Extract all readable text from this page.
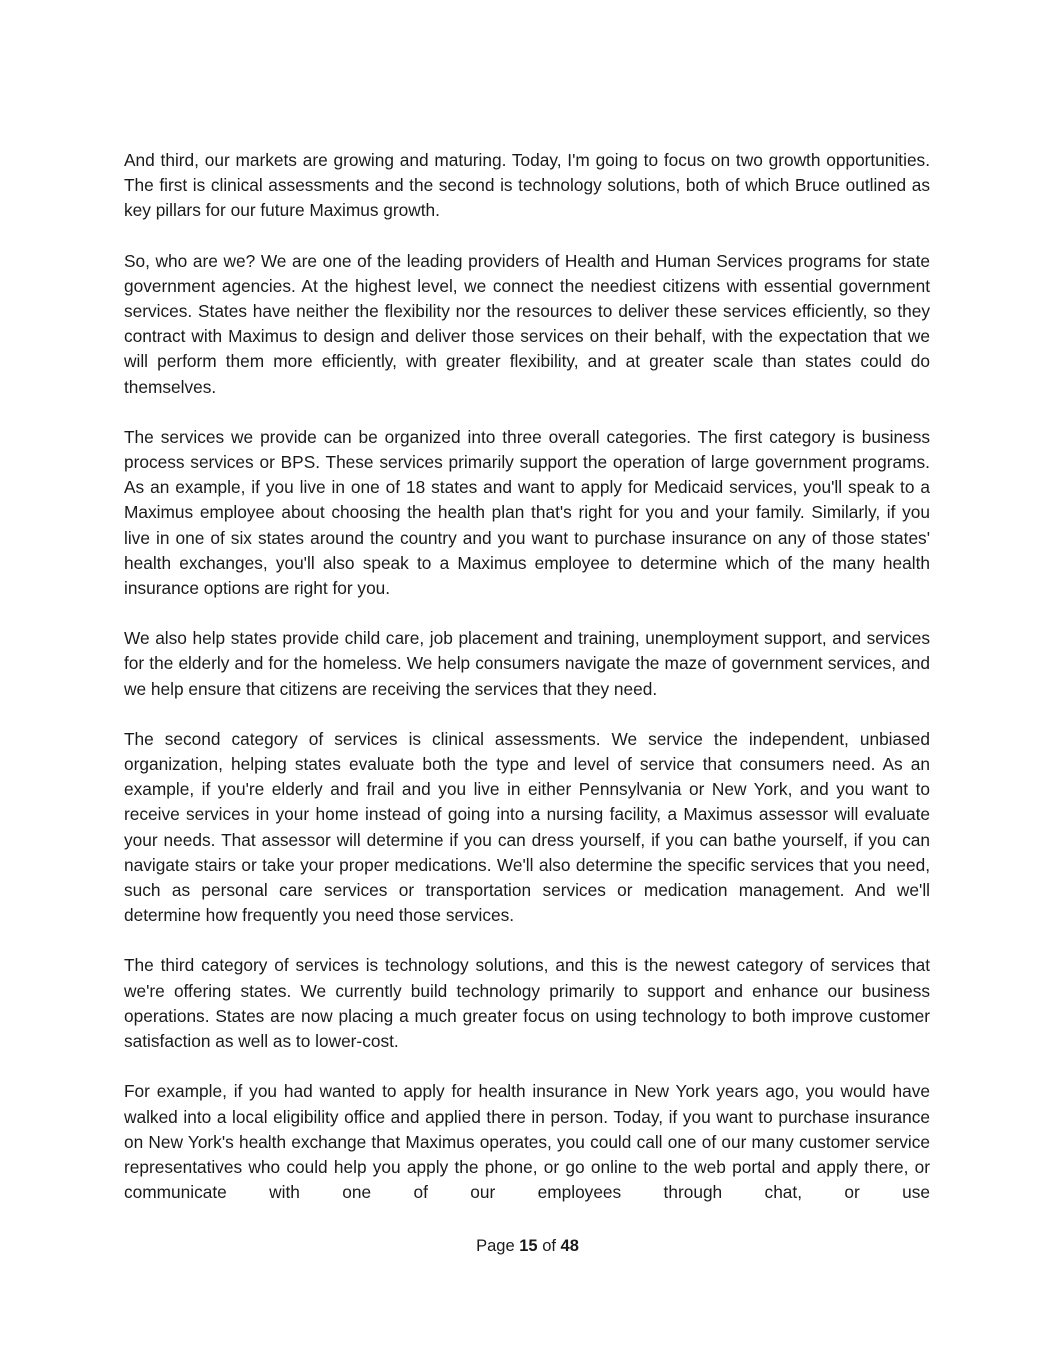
And third, our markets are growing and maturing. Today, I'm going to focus on two growth opportunities. The first is clinical assessments and the second is technology solutions, both of which Bruce outlined as key pillars for our future Maximus growth.

So, who are we? We are one of the leading providers of Health and Human Services programs for state government agencies. At the highest level, we connect the neediest citizens with essential government services. States have neither the flexibility nor the resources to deliver these services efficiently, so they contract with Maximus to design and deliver those services on their behalf, with the expectation that we will perform them more efficiently, with greater flexibility, and at greater scale than states could do themselves.

The services we provide can be organized into three overall categories. The first category is business process services or BPS. These services primarily support the operation of large government programs. As an example, if you live in one of 18 states and want to apply for Medicaid services, you'll speak to a Maximus employee about choosing the health plan that's right for you and your family. Similarly, if you live in one of six states around the country and you want to purchase insurance on any of those states' health exchanges, you'll also speak to a Maximus employee to determine which of the many health insurance options are right for you.

We also help states provide child care, job placement and training, unemployment support, and services for the elderly and for the homeless. We help consumers navigate the maze of government services, and we help ensure that citizens are receiving the services that they need.

The second category of services is clinical assessments. We service the independent, unbiased organization, helping states evaluate both the type and level of service that consumers need. As an example, if you're elderly and frail and you live in either Pennsylvania or New York, and you want to receive services in your home instead of going into a nursing facility, a Maximus assessor will evaluate your needs. That assessor will determine if you can dress yourself, if you can bathe yourself, if you can navigate stairs or take your proper medications. We'll also determine the specific services that you need, such as personal care services or transportation services or medication management. And we'll determine how frequently you need those services.

The third category of services is technology solutions, and this is the newest category of services that we're offering states. We currently build technology primarily to support and enhance our business operations. States are now placing a much greater focus on using technology to both improve customer satisfaction as well as to lower-cost.

For example, if you had wanted to apply for health insurance in New York years ago, you would have walked into a local eligibility office and applied there in person. Today, if you want to purchase insurance on New York's health exchange that Maximus operates, you could call one of our many customer service representatives who could help you apply the phone, or go online to the web portal and apply there, or communicate with one of our employees through chat, or use

Page 15 of 48
